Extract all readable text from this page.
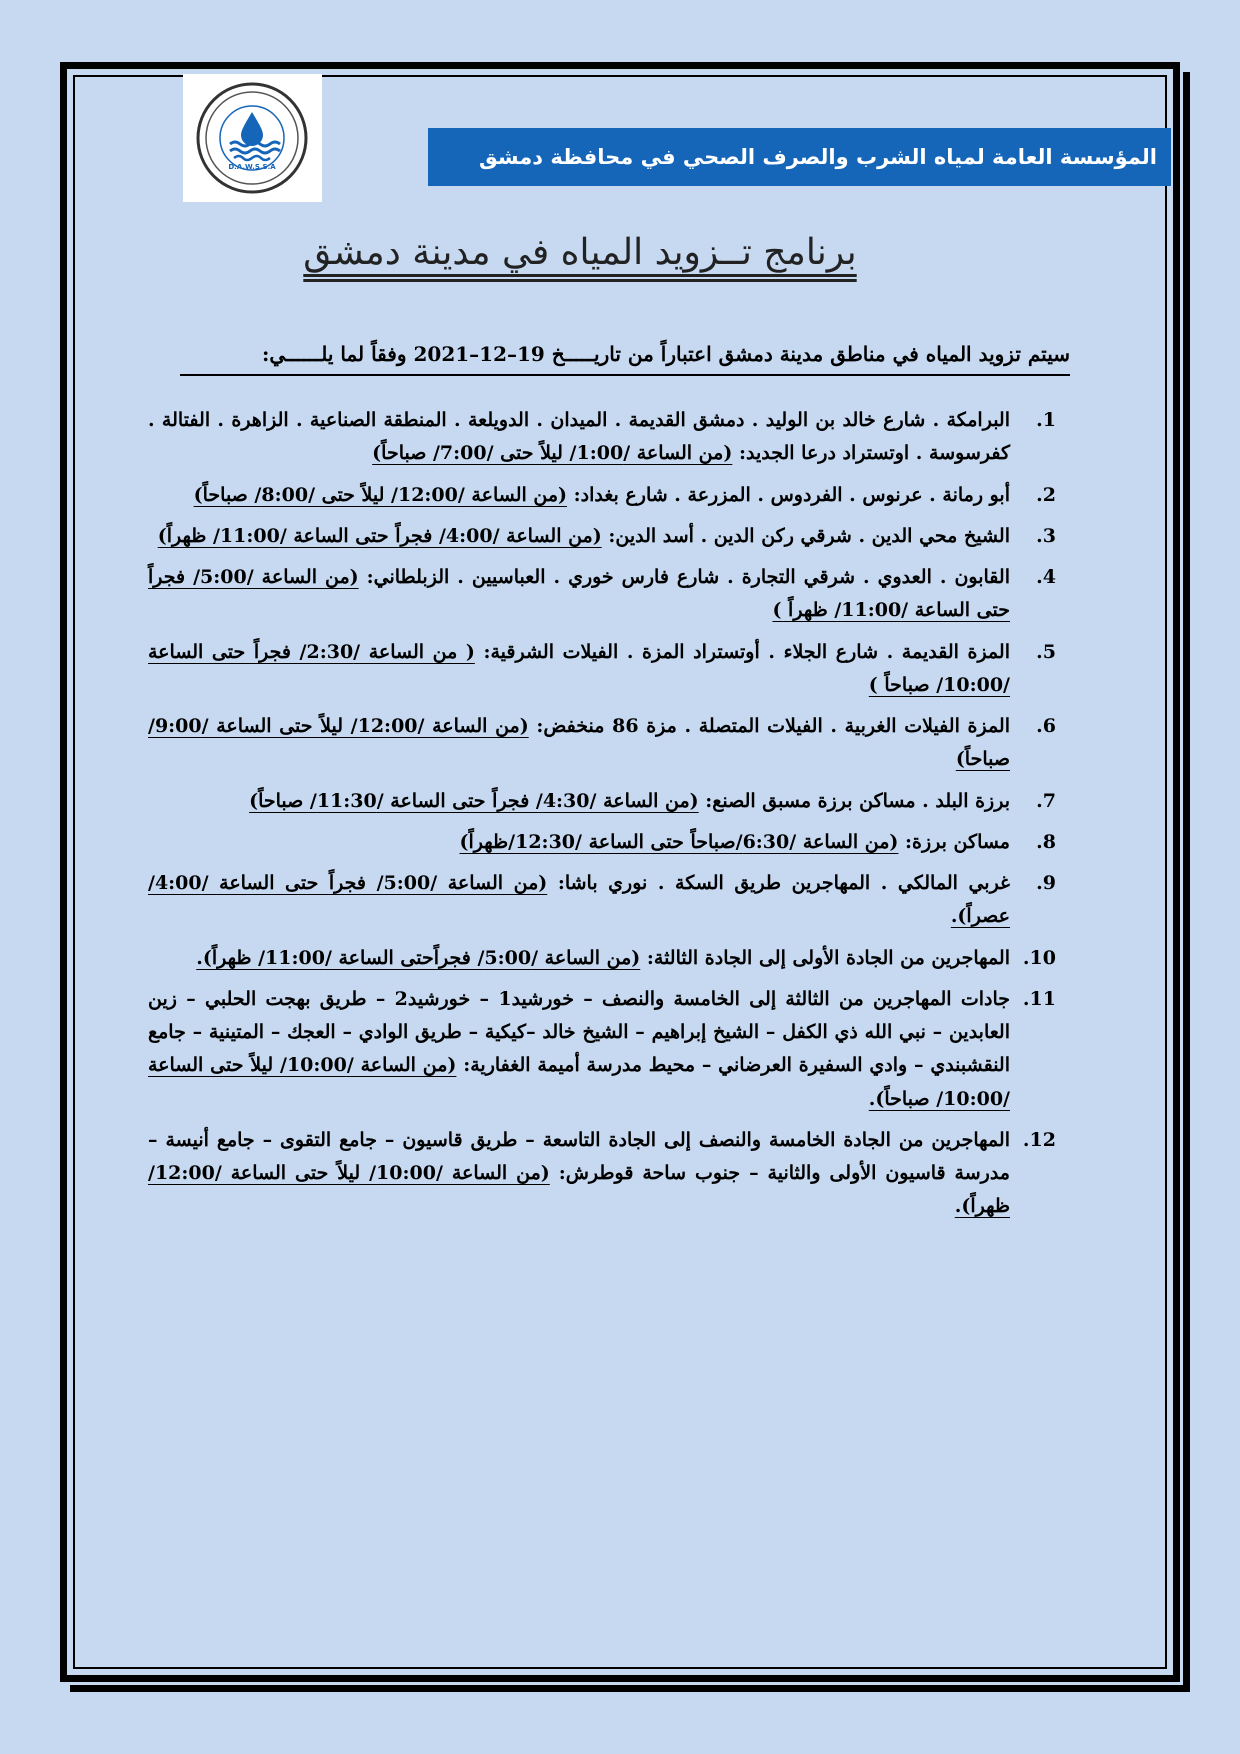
D.A.W.S.S.A	المؤسسة العامة لمياه الشرب والصرف الصحي في محافظة دمشق
برنامج تــزويد المياه في مدينة دمشق
سيتم تزويد المياه في مناطق مدينة دمشق اعتباراً من تاريـــــخ 19–12–2021 وفقاً لما يلــــــي:
1.
البرامكة . شارع خالد بن الوليد . دمشق القديمة . الميدان . الدويلعة . المنطقة الصناعية . الزاهرة . الفتالة . كفرسوسة . اوتستراد درعا الجديد: (من الساعة /1:00/ ليلاً حتى /7:00/ صباحاً)
2.
أبو رمانة . عرنوس . الفردوس . المزرعة . شارع بغداد: (من الساعة /12:00/ ليلاً حتى /8:00/ صباحاً)
3.
الشيخ محي الدين . شرقي ركن الدين . أسد الدين: (من الساعة /4:00/ فجراً حتى الساعة /11:00/ ظهراً)
4.
القابون . العدوي . شرقي التجارة . شارع فارس خوري . العباسيين . الزبلطاني: (من الساعة /5:00/ فجراً حتى الساعة /11:00/ ظهراً )
5.
المزة القديمة . شارع الجلاء . أوتستراد المزة . الفيلات الشرقية: ( من الساعة /2:30/ فجراً حتى الساعة /10:00/ صباحاً )
6.
المزة الفيلات الغربية . الفيلات المتصلة . مزة 86 منخفض: (من الساعة /12:00/ ليلاً حتى الساعة /9:00/ صباحاً)
7.
برزة البلد . مساكن برزة مسبق الصنع: (من الساعة /4:30/ فجراً حتى الساعة /11:30/ صباحاً)
8.
مساكن برزة: (من الساعة /6:30/صباحاً حتى الساعة /12:30/ظهراً)
9.
غربي المالكي . المهاجرين طريق السكة . نوري باشا: (من الساعة /5:00/ فجراً حتى الساعة /4:00/ عصراً).
10.
المهاجرين من الجادة الأولى إلى الجادة الثالثة: (من الساعة /5:00/ فجراًحتى الساعة /11:00/ ظهراً).
11.
جادات المهاجرين من الثالثة إلى الخامسة والنصف – خورشيد1 – خورشيد2 – طريق بهجت الحلبي – زين العابدين – نبي الله ذي الكفل – الشيخ إبراهيم – الشيخ خالد –كيكية – طريق الوادي – العجك – المتينية – جامع النقشبندي – وادي السفيرة العرضاني – محيط مدرسة أميمة الغفارية: (من الساعة /10:00/ ليلاً حتى الساعة /10:00/ صباحاً).
12.
المهاجرين من الجادة الخامسة والنصف إلى الجادة التاسعة – طريق قاسيون – جامع التقوى – جامع أنيسة – مدرسة قاسيون الأولى والثانية – جنوب ساحة قوطرش: (من الساعة /10:00/ ليلاً حتى الساعة /12:00/ ظهراً).
